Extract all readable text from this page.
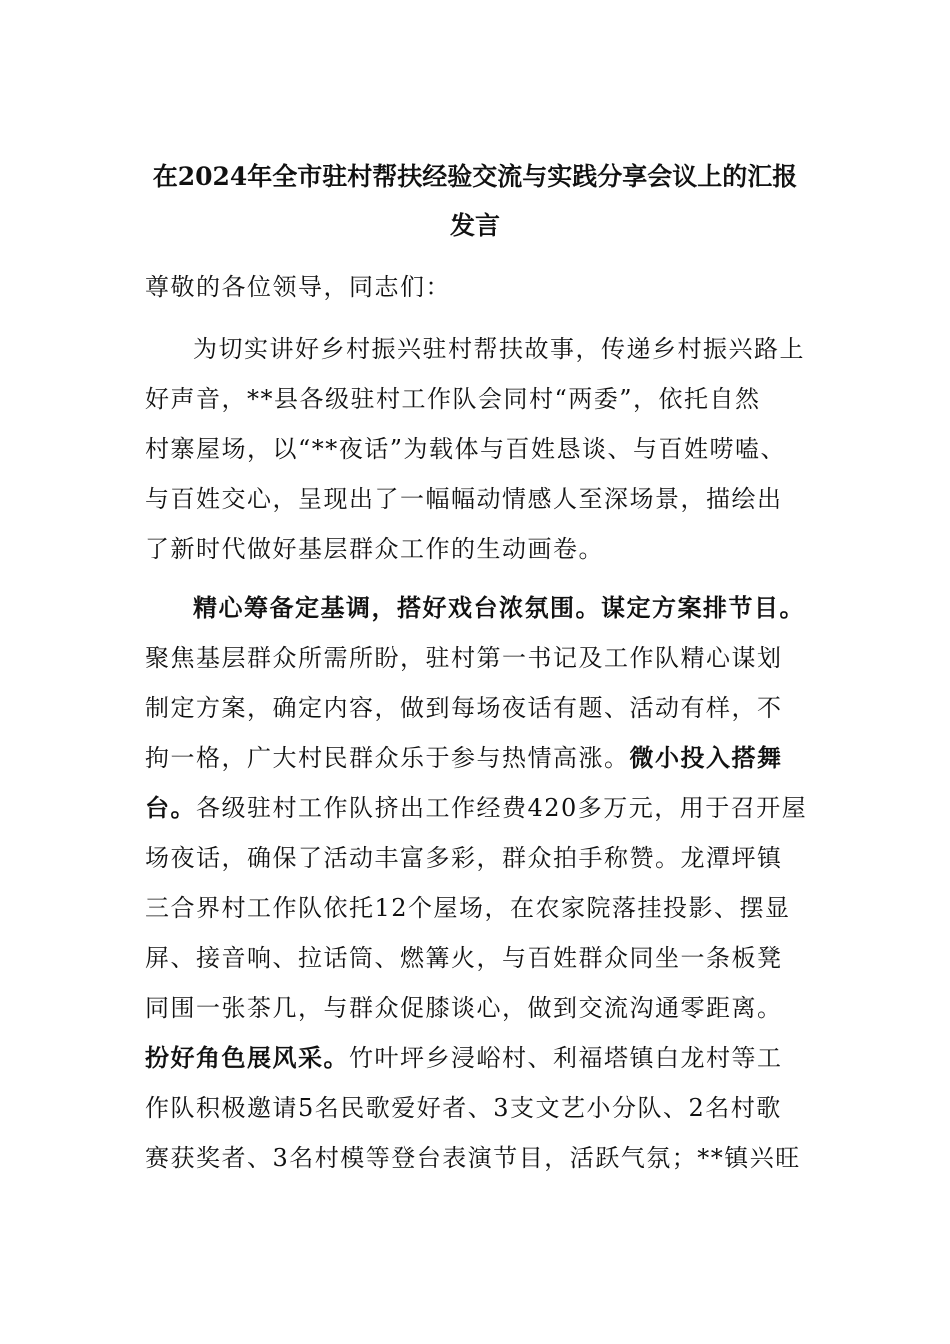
在2024年全市驻村帮扶经验交流与实践分享会议上的汇报
发言
尊敬的各位领导，同志们：
为切实讲好乡村振兴驻村帮扶故事，传递乡村振兴路上
好声音，**县各级驻村工作队会同村“两委”，依托自然
村寨屋场，以“**夜话”为载体与百姓恳谈、与百姓唠嗑、
与百姓交心，呈现出了一幅幅动情感人至深场景，描绘出
了新时代做好基层群众工作的生动画卷。
精心筹备定基调，搭好戏台浓氛围。谋定方案排节目。
聚焦基层群众所需所盼，驻村第一书记及工作队精心谋划
制定方案，确定内容，做到每场夜话有题、活动有样，不
拘一格，广大村民群众乐于参与热情高涨。微小投入搭舞
台。各级驻村工作队挤出工作经费420多万元，用于召开屋
场夜话，确保了活动丰富多彩，群众拍手称赞。龙潭坪镇
三合界村工作队依托12个屋场，在农家院落挂投影、摆显
屏、接音响、拉话筒、燃篝火，与百姓群众同坐一条板凳
同围一张茶几，与群众促膝谈心，做到交流沟通零距离。
扮好角色展风采。竹叶坪乡浸峪村、利福塔镇白龙村等工
作队积极邀请5名民歌爱好者、3支文艺小分队、2名村歌
赛获奖者、3名村模等登台表演节目，活跃气氛；**镇兴旺
